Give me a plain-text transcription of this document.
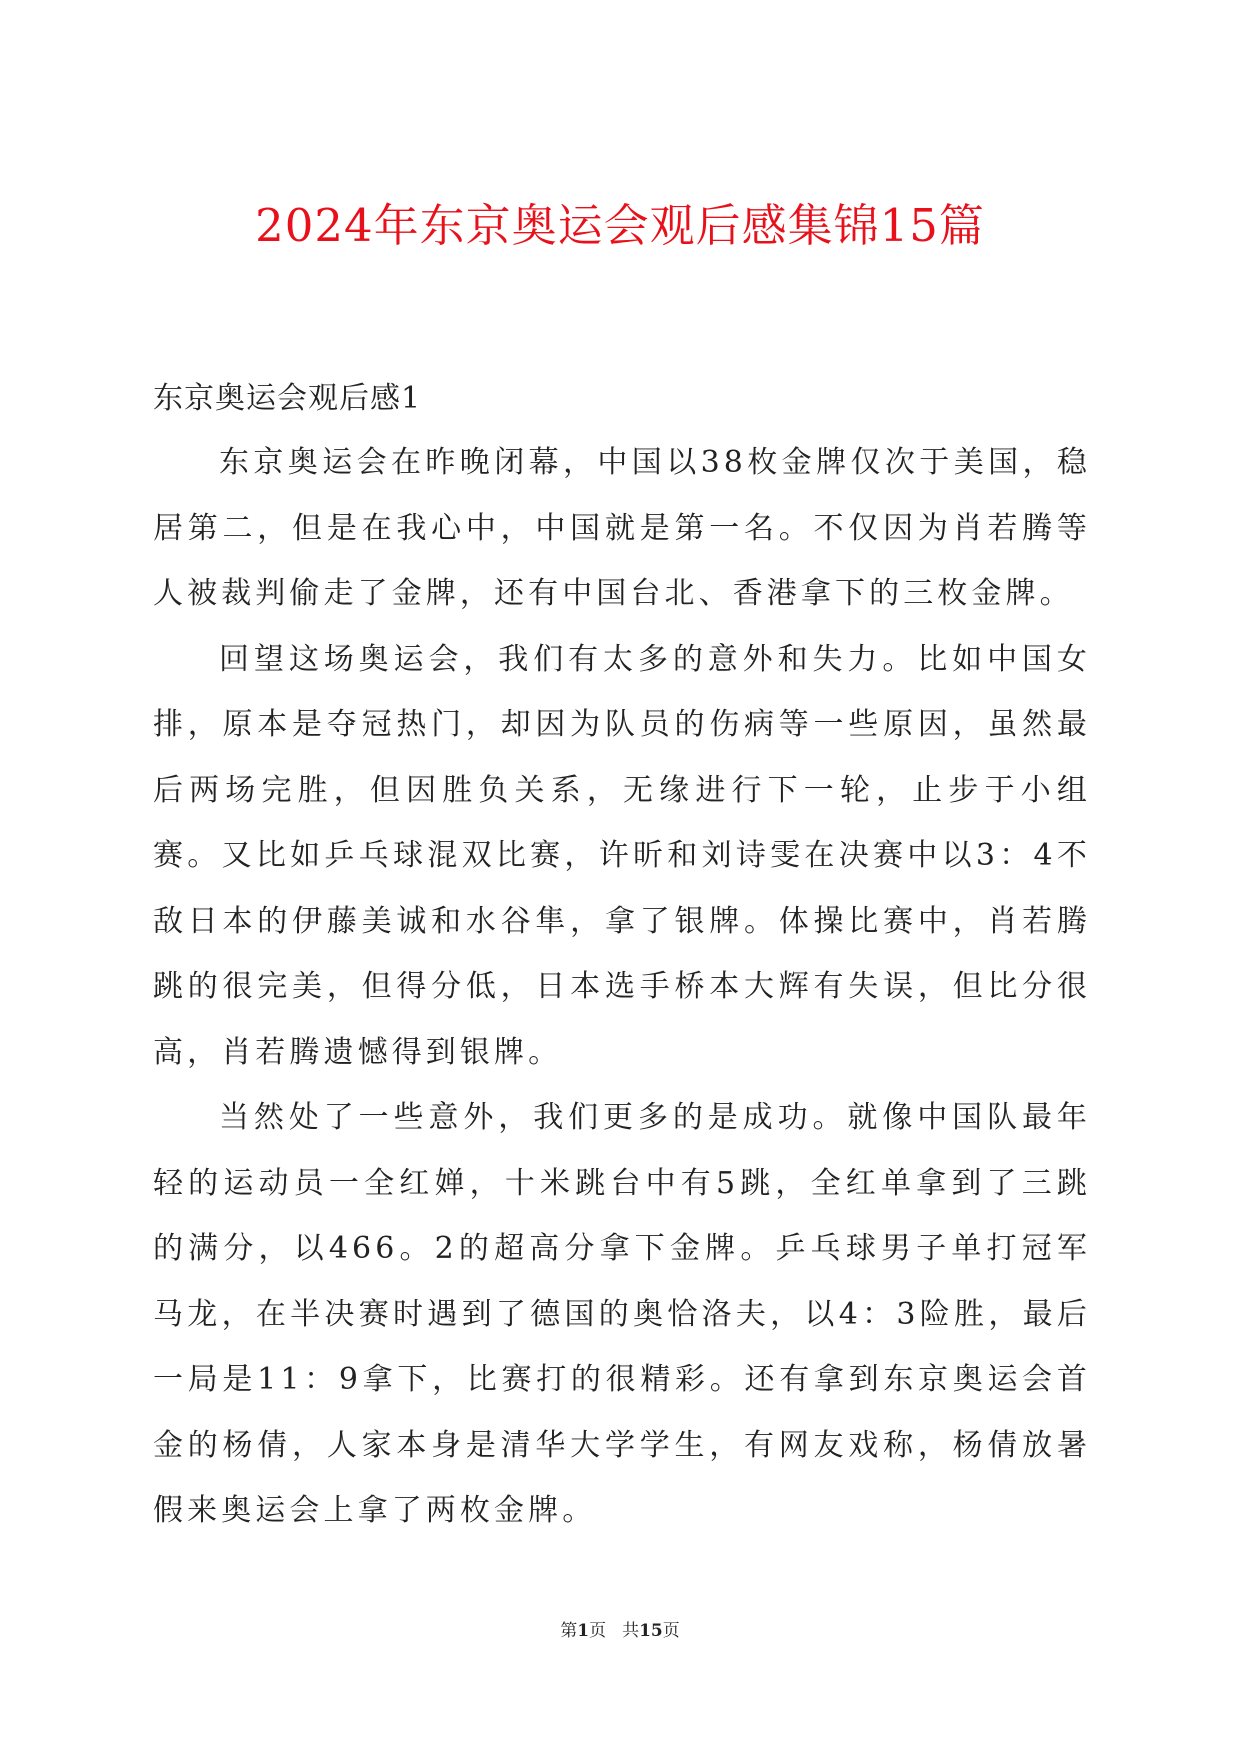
2024年东京奥运会观后感集锦15篇
东京奥运会观后感1

东京奥运会在昨晚闭幕，中国以38枚金牌仅次于美国，稳居第二，但是在我心中，中国就是第一名。不仅因为肖若腾等人被裁判偷走了金牌，还有中国台北、香港拿下的三枚金牌。

回望这场奥运会，我们有太多的意外和失力。比如中国女排，原本是夺冠热门，却因为队员的伤病等一些原因，虽然最后两场完胜，但因胜负关系，无缘进行下一轮，止步于小组赛。又比如乒乓球混双比赛，许昕和刘诗雯在决赛中以3：4不敌日本的伊藤美诚和水谷隼，拿了银牌。体操比赛中，肖若腾跳的很完美，但得分低，日本选手桥本大辉有失误，但比分很高，肖若腾遗憾得到银牌。

当然处了一些意外，我们更多的是成功。就像中国队最年轻的运动员一全红婵，十米跳台中有5跳，全红单拿到了三跳的满分，以466。2的超高分拿下金牌。乒乓球男子单打冠军马龙，在半决赛时遇到了德国的奥恰洛夫，以4：3险胜，最后一局是11：9拿下，比赛打的很精彩。还有拿到东京奥运会首金的杨倩，人家本身是清华大学学生，有网友戏称，杨倩放暑假来奥运会上拿了两枚金牌。

第1页 共15页
